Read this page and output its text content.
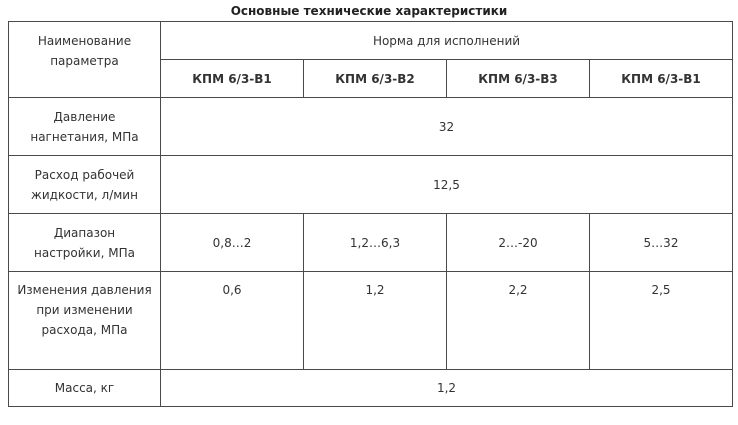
Основные технические характеристики
Наименование параметра	Норма для исполнений			
	КПМ 6/3-В1	КПМ 6/3-В2	КПМ 6/3-В3	КПМ 6/3-В1
Давление нагнетания, МПа	32			
Расход рабочей жидкости, л/мин	12,5			
Диапазон настройки, МПа	0,8…2	1,2…6,3	2…-20	5…32
Изменения давления при изменении расхода, МПа	0,6	1,2	2,2	2,5
Масса, кг	1,2			
